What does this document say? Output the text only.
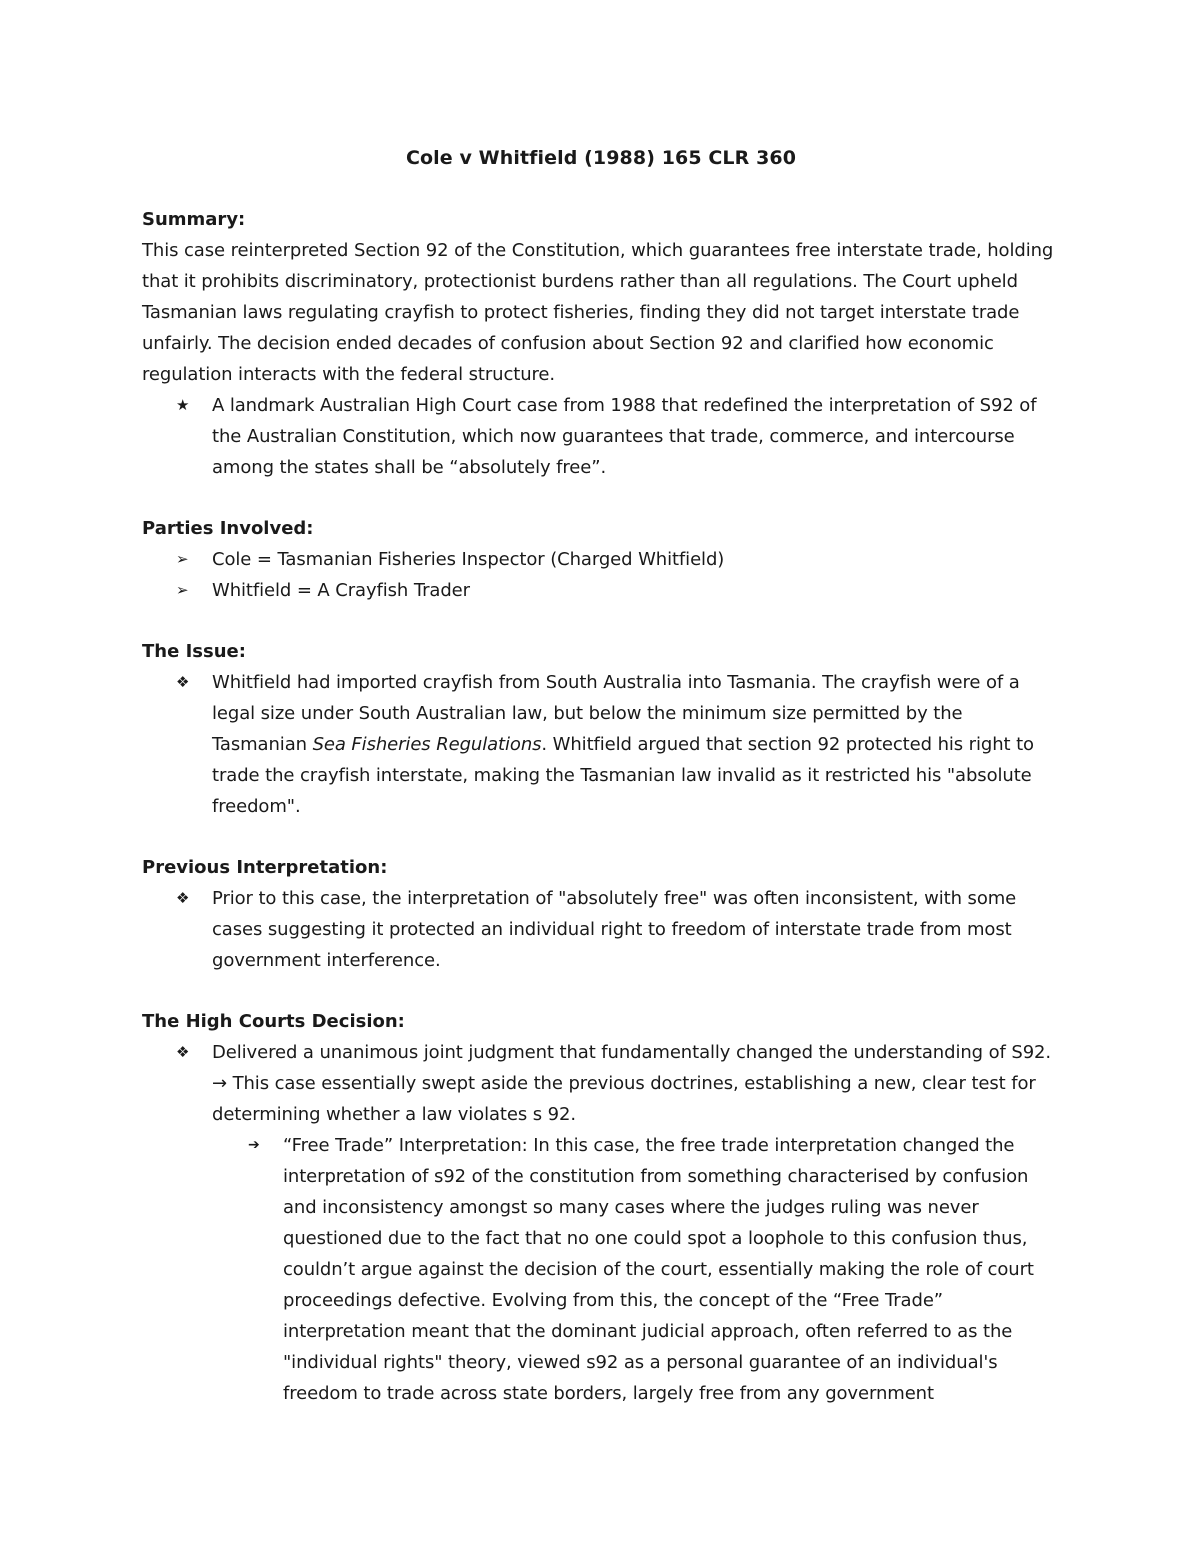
Cole v Whitfield (1988) 165 CLR 360

Summary:

This case reinterpreted Section 92 of the Constitution, which guarantees free interstate trade, holding that it prohibits discriminatory, protectionist burdens rather than all regulations. The Court upheld Tasmanian laws regulating crayfish to protect fisheries, finding they did not target interstate trade unfairly. The decision ended decades of confusion about Section 92 and clarified how economic regulation interacts with the federal structure.

★	A landmark Australian High Court case from 1988 that redefined the interpretation of S92 of the Australian Constitution, which now guarantees that trade, commerce, and intercourse among the states shall be “absolutely free”.

Parties Involved:

➢	Cole = Tasmanian Fisheries Inspector (Charged Whitfield)
➢	Whitfield = A Crayfish Trader

The Issue:

❖	Whitfield had imported crayfish from South Australia into Tasmania. The crayfish were of a legal size under South Australian law, but below the minimum size permitted by the Tasmanian Sea Fisheries Regulations. Whitfield argued that section 92 protected his right to trade the crayfish interstate, making the Tasmanian law invalid as it restricted his "absolute freedom".

Previous Interpretation:

❖	Prior to this case, the interpretation of "absolutely free" was often inconsistent, with some cases suggesting it protected an individual right to freedom of interstate trade from most government interference.

The High Courts Decision:

❖	Delivered a unanimous joint judgment that fundamentally changed the understanding of S92. → This case essentially swept aside the previous doctrines, establishing a new, clear test for determining whether a law violates s 92.
➔	“Free Trade” Interpretation: In this case, the free trade interpretation changed the interpretation of s92 of the constitution from something characterised by confusion and inconsistency amongst so many cases where the judges ruling was never questioned due to the fact that no one could spot a loophole to this confusion thus, couldn’t argue against the decision of the court, essentially making the role of court proceedings defective. Evolving from this, the concept of the “Free Trade” interpretation meant that the dominant judicial approach, often referred to as the "individual rights" theory, viewed s92 as a personal guarantee of an individual's freedom to trade across state borders, largely free from any government
